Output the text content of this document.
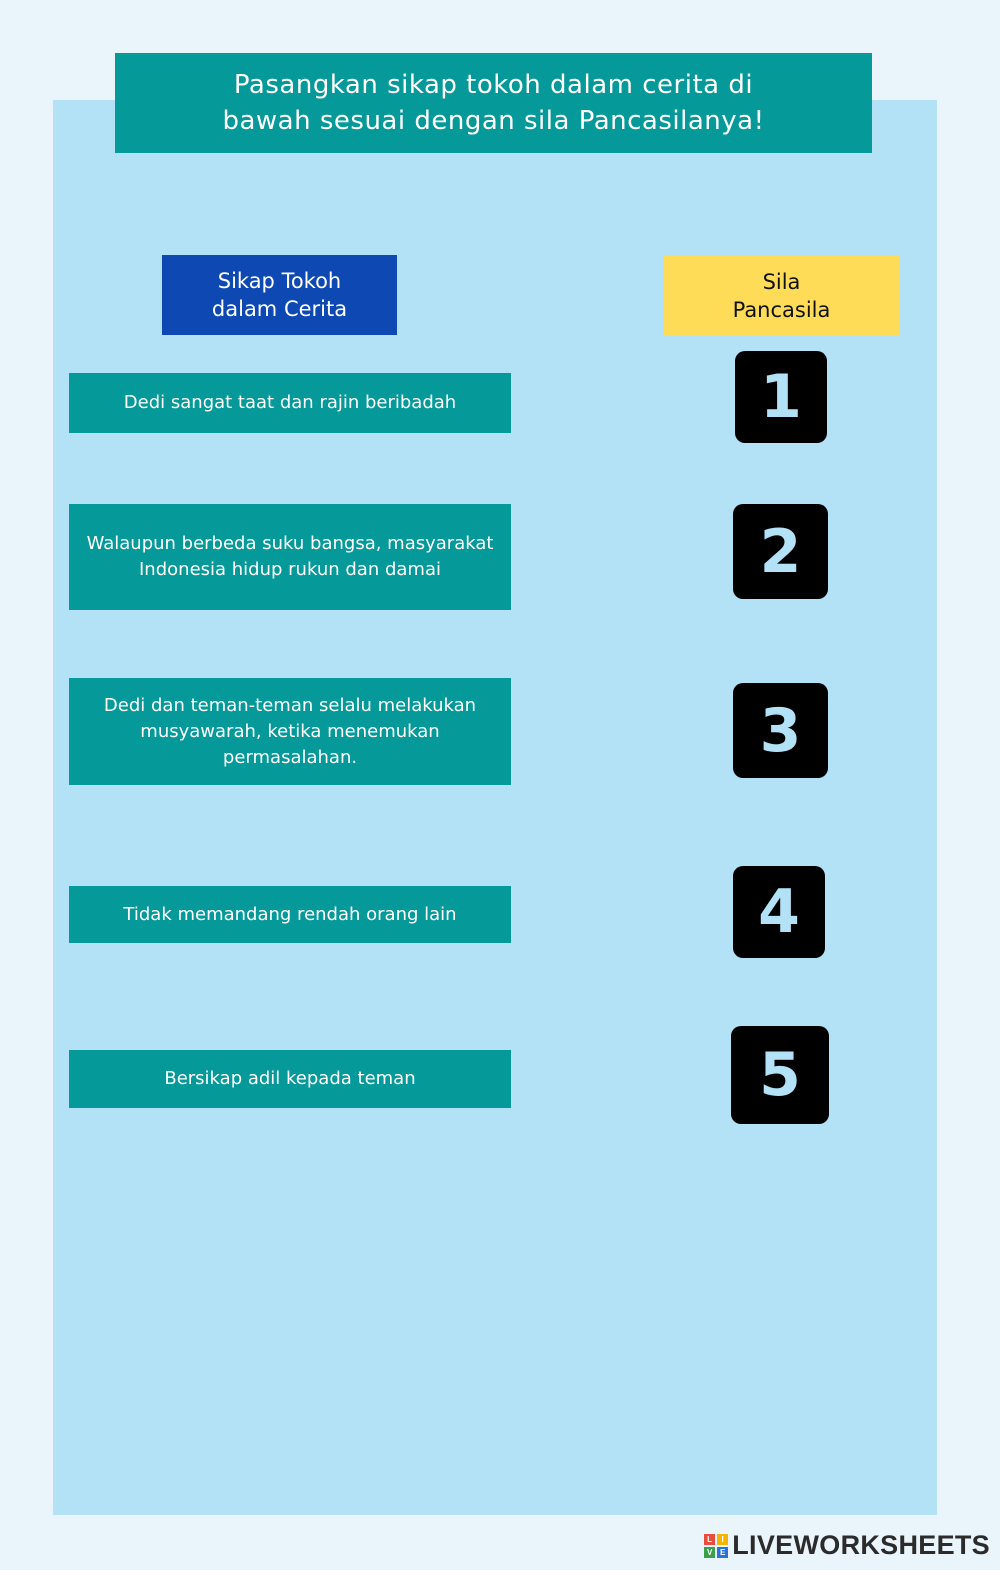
Pasangkan sikap tokoh dalam cerita di bawah sesuai dengan sila Pancasilanya!
Sikap Tokoh dalam Cerita
Sila Pancasila
Dedi sangat taat dan rajin beribadah
Walaupun berbeda suku bangsa, masyarakat Indonesia hidup rukun dan damai
Dedi dan teman-teman selalu melakukan musyawarah, ketika menemukan permasalahan.
Tidak memandang rendah orang lain
Bersikap adil kepada teman
1
2
3
4
5
L	I
V E LIVEWORKSHEETS
